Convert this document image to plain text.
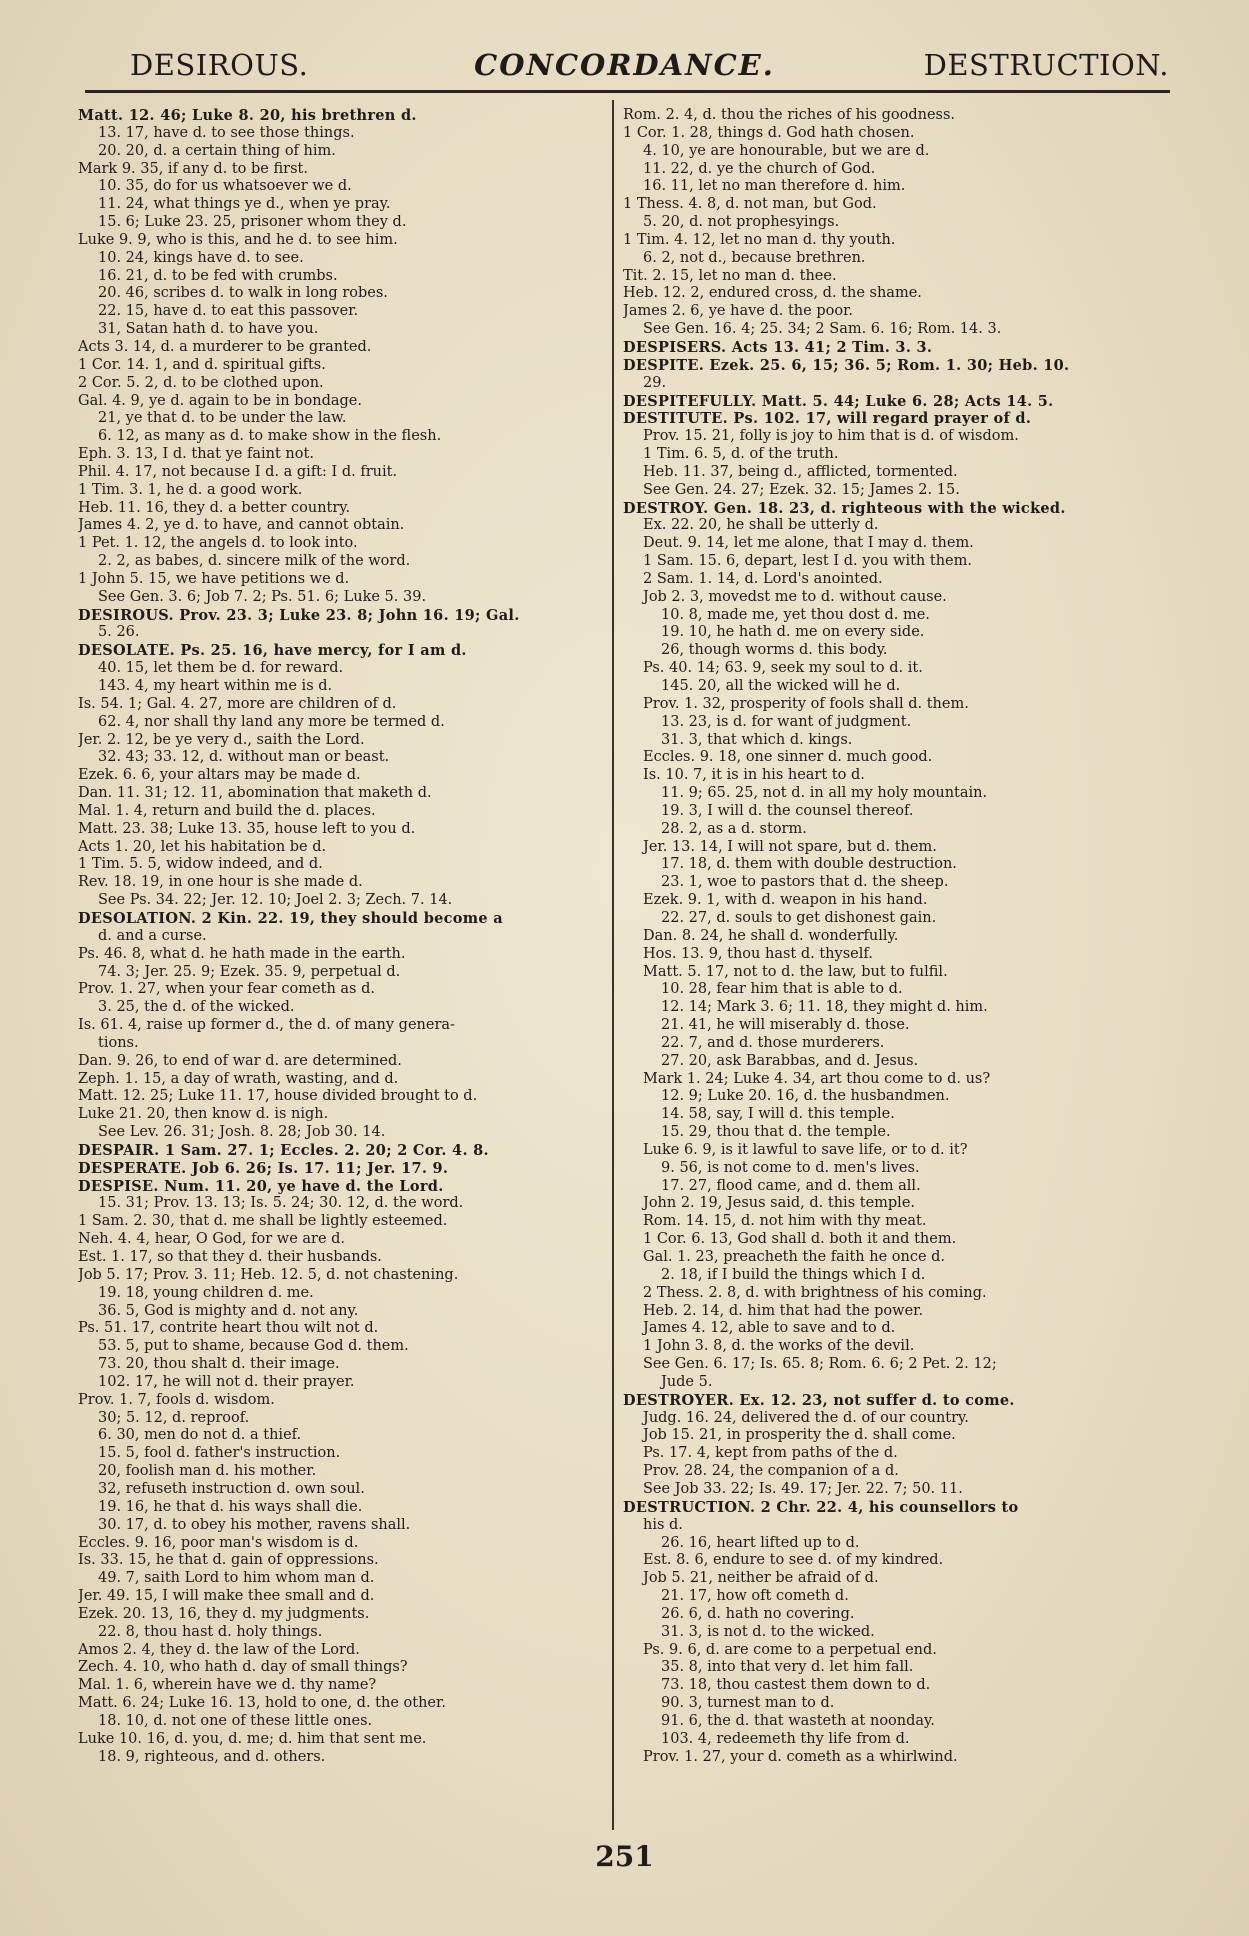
DESIROUS.	CONCORDANCE.	DESTRUCTION.
Matt. 12. 46; Luke 8. 20, his brethren d.
13. 17, have d. to see those things.
20. 20, d. a certain thing of him.
Mark 9. 35, if any d. to be first.
10. 35, do for us whatsoever we d.
11. 24, what things ye d., when ye pray.
15. 6; Luke 23. 25, prisoner whom they d.
Luke 9. 9, who is this, and he d. to see him.
10. 24, kings have d. to see.
16. 21, d. to be fed with crumbs.
20. 46, scribes d. to walk in long robes.
22. 15, have d. to eat this passover.
31, Satan hath d. to have you.
Acts 3. 14, d. a murderer to be granted.
1 Cor. 14. 1, and d. spiritual gifts.
2 Cor. 5. 2, d. to be clothed upon.
Gal. 4. 9, ye d. again to be in bondage.
21, ye that d. to be under the law.
6. 12, as many as d. to make show in the flesh.
Eph. 3. 13, I d. that ye faint not.
Phil. 4. 17, not because I d. a gift: I d. fruit.
1 Tim. 3. 1, he d. a good work.
Heb. 11. 16, they d. a better country.
James 4. 2, ye d. to have, and cannot obtain.
1 Pet. 1. 12, the angels d. to look into.
2. 2, as babes, d. sincere milk of the word.
1 John 5. 15, we have petitions we d.
See Gen. 3. 6; Job 7. 2; Ps. 51. 6; Luke 5. 39.
DESIROUS. Prov. 23. 3; Luke 23. 8; John 16. 19; Gal.
5. 26.
DESOLATE. Ps. 25. 16, have mercy, for I am d.
40. 15, let them be d. for reward.
143. 4, my heart within me is d.
Is. 54. 1; Gal. 4. 27, more are children of d.
62. 4, nor shall thy land any more be termed d.
Jer. 2. 12, be ye very d., saith the Lord.
32. 43; 33. 12, d. without man or beast.
Ezek. 6. 6, your altars may be made d.
Dan. 11. 31; 12. 11, abomination that maketh d.
Mal. 1. 4, return and build the d. places.
Matt. 23. 38; Luke 13. 35, house left to you d.
Acts 1. 20, let his habitation be d.
1 Tim. 5. 5, widow indeed, and d.
Rev. 18. 19, in one hour is she made d.
See Ps. 34. 22; Jer. 12. 10; Joel 2. 3; Zech. 7. 14.
DESOLATION. 2 Kin. 22. 19, they should become a
d. and a curse.
Ps. 46. 8, what d. he hath made in the earth.
74. 3; Jer. 25. 9; Ezek. 35. 9, perpetual d.
Prov. 1. 27, when your fear cometh as d.
3. 25, the d. of the wicked.
Is. 61. 4, raise up former d., the d. of many genera-
tions.
Dan. 9. 26, to end of war d. are determined.
Zeph. 1. 15, a day of wrath, wasting, and d.
Matt. 12. 25; Luke 11. 17, house divided brought to d.
Luke 21. 20, then know d. is nigh.
See Lev. 26. 31; Josh. 8. 28; Job 30. 14.
DESPAIR. 1 Sam. 27. 1; Eccles. 2. 20; 2 Cor. 4. 8.
DESPERATE. Job 6. 26; Is. 17. 11; Jer. 17. 9.
DESPISE. Num. 11. 20, ye have d. the Lord.
15. 31; Prov. 13. 13; Is. 5. 24; 30. 12, d. the word.
1 Sam. 2. 30, that d. me shall be lightly esteemed.
Neh. 4. 4, hear, O God, for we are d.
Est. 1. 17, so that they d. their husbands.
Job 5. 17; Prov. 3. 11; Heb. 12. 5, d. not chastening.
19. 18, young children d. me.
36. 5, God is mighty and d. not any.
Ps. 51. 17, contrite heart thou wilt not d.
53. 5, put to shame, because God d. them.
73. 20, thou shalt d. their image.
102. 17, he will not d. their prayer.
Prov. 1. 7, fools d. wisdom.
30; 5. 12, d. reproof.
6. 30, men do not d. a thief.
15. 5, fool d. father's instruction.
20, foolish man d. his mother.
32, refuseth instruction d. own soul.
19. 16, he that d. his ways shall die.
30. 17, d. to obey his mother, ravens shall.
Eccles. 9. 16, poor man's wisdom is d.
Is. 33. 15, he that d. gain of oppressions.
49. 7, saith Lord to him whom man d.
Jer. 49. 15, I will make thee small and d.
Ezek. 20. 13, 16, they d. my judgments.
22. 8, thou hast d. holy things.
Amos 2. 4, they d. the law of the Lord.
Zech. 4. 10, who hath d. day of small things?
Mal. 1. 6, wherein have we d. thy name?
Matt. 6. 24; Luke 16. 13, hold to one, d. the other.
18. 10, d. not one of these little ones.
Luke 10. 16, d. you, d. me; d. him that sent me.
18. 9, righteous, and d. others.
Rom. 2. 4, d. thou the riches of his goodness.
1 Cor. 1. 28, things d. God hath chosen.
4. 10, ye are honourable, but we are d.
11. 22, d. ye the church of God.
16. 11, let no man therefore d. him.
1 Thess. 4. 8, d. not man, but God.
5. 20, d. not prophesyings.
1 Tim. 4. 12, let no man d. thy youth.
6. 2, not d., because brethren.
Tit. 2. 15, let no man d. thee.
Heb. 12. 2, endured cross, d. the shame.
James 2. 6, ye have d. the poor.
See Gen. 16. 4; 25. 34; 2 Sam. 6. 16; Rom. 14. 3.
DESPISERS. Acts 13. 41; 2 Tim. 3. 3.
DESPITE. Ezek. 25. 6, 15; 36. 5; Rom. 1. 30; Heb. 10.
29.
DESPITEFULLY. Matt. 5. 44; Luke 6. 28; Acts 14. 5.
DESTITUTE. Ps. 102. 17, will regard prayer of d.
Prov. 15. 21, folly is joy to him that is d. of wisdom.
1 Tim. 6. 5, d. of the truth.
Heb. 11. 37, being d., afflicted, tormented.
See Gen. 24. 27; Ezek. 32. 15; James 2. 15.
DESTROY. Gen. 18. 23, d. righteous with the wicked.
Ex. 22. 20, he shall be utterly d.
Deut. 9. 14, let me alone, that I may d. them.
1 Sam. 15. 6, depart, lest I d. you with them.
2 Sam. 1. 14, d. Lord's anointed.
Job 2. 3, movedst me to d. without cause.
10. 8, made me, yet thou dost d. me.
19. 10, he hath d. me on every side.
26, though worms d. this body.
Ps. 40. 14; 63. 9, seek my soul to d. it.
145. 20, all the wicked will he d.
Prov. 1. 32, prosperity of fools shall d. them.
13. 23, is d. for want of judgment.
31. 3, that which d. kings.
Eccles. 9. 18, one sinner d. much good.
Is. 10. 7, it is in his heart to d.
11. 9; 65. 25, not d. in all my holy mountain.
19. 3, I will d. the counsel thereof.
28. 2, as a d. storm.
Jer. 13. 14, I will not spare, but d. them.
17. 18, d. them with double destruction.
23. 1, woe to pastors that d. the sheep.
Ezek. 9. 1, with d. weapon in his hand.
22. 27, d. souls to get dishonest gain.
Dan. 8. 24, he shall d. wonderfully.
Hos. 13. 9, thou hast d. thyself.
Matt. 5. 17, not to d. the law, but to fulfil.
10. 28, fear him that is able to d.
12. 14; Mark 3. 6; 11. 18, they might d. him.
21. 41, he will miserably d. those.
22. 7, and d. those murderers.
27. 20, ask Barabbas, and d. Jesus.
Mark 1. 24; Luke 4. 34, art thou come to d. us?
12. 9; Luke 20. 16, d. the husbandmen.
14. 58, say, I will d. this temple.
15. 29, thou that d. the temple.
Luke 6. 9, is it lawful to save life, or to d. it?
9. 56, is not come to d. men's lives.
17. 27, flood came, and d. them all.
John 2. 19, Jesus said, d. this temple.
Rom. 14. 15, d. not him with thy meat.
1 Cor. 6. 13, God shall d. both it and them.
Gal. 1. 23, preacheth the faith he once d.
2. 18, if I build the things which I d.
2 Thess. 2. 8, d. with brightness of his coming.
Heb. 2. 14, d. him that had the power.
James 4. 12, able to save and to d.
1 John 3. 8, d. the works of the devil.
See Gen. 6. 17; Is. 65. 8; Rom. 6. 6; 2 Pet. 2. 12;
Jude 5.
DESTROYER. Ex. 12. 23, not suffer d. to come.
Judg. 16. 24, delivered the d. of our country.
Job 15. 21, in prosperity the d. shall come.
Ps. 17. 4, kept from paths of the d.
Prov. 28. 24, the companion of a d.
See Job 33. 22; Is. 49. 17; Jer. 22. 7; 50. 11.
DESTRUCTION. 2 Chr. 22. 4, his counsellors to
his d.
26. 16, heart lifted up to d.
Est. 8. 6, endure to see d. of my kindred.
Job 5. 21, neither be afraid of d.
21. 17, how oft cometh d.
26. 6, d. hath no covering.
31. 3, is not d. to the wicked.
Ps. 9. 6, d. are come to a perpetual end.
35. 8, into that very d. let him fall.
73. 18, thou castest them down to d.
90. 3, turnest man to d.
91. 6, the d. that wasteth at noonday.
103. 4, redeemeth thy life from d.
Prov. 1. 27, your d. cometh as a whirlwind.
251
